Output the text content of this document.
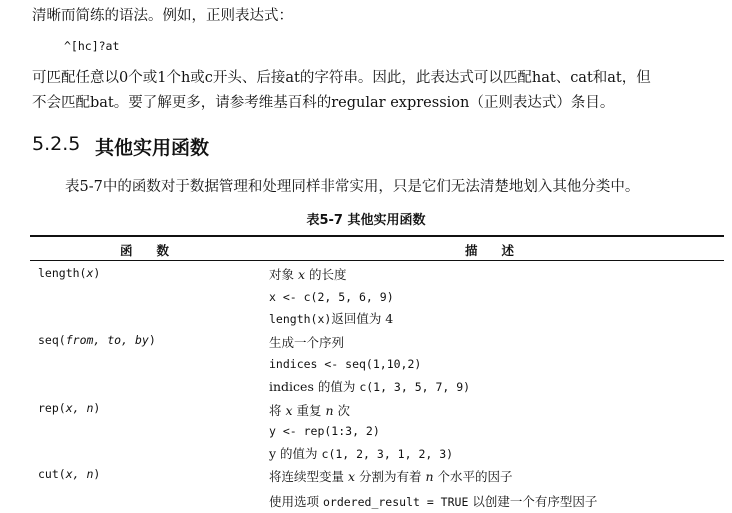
清晰而简练的语法。例如，正则表达式：
^[hc]?at
可匹配任意以0个或1个h或c开头、后接at的字符串。因此，此表达式可以匹配hat、cat和at，但
不会匹配bat。要了解更多，请参考维基百科的regular expression（正则表达式）条目。
5.2.5 其他实用函数
表5-7中的函数对于数据管理和处理同样非常实用，只是它们无法清楚地划入其他分类中。
表5-7 其他实用函数
函数	描述
length(x)	对象 x 的长度
x <- c(2, 5, 6, 9)
length(x)返回值为 4
seq(from, to, by)	生成一个序列
indices <- seq(1,10,2)
indices 的值为 c(1, 3, 5, 7, 9)
rep(x, n)	将 x 重复 n 次
y <- rep(1:3, 2)
y 的值为 c(1, 2, 3, 1, 2, 3)
cut(x, n)	将连续型变量 x 分割为有着 n 个水平的因子
使用选项 ordered_result = TRUE 以创建一个有序型因子
